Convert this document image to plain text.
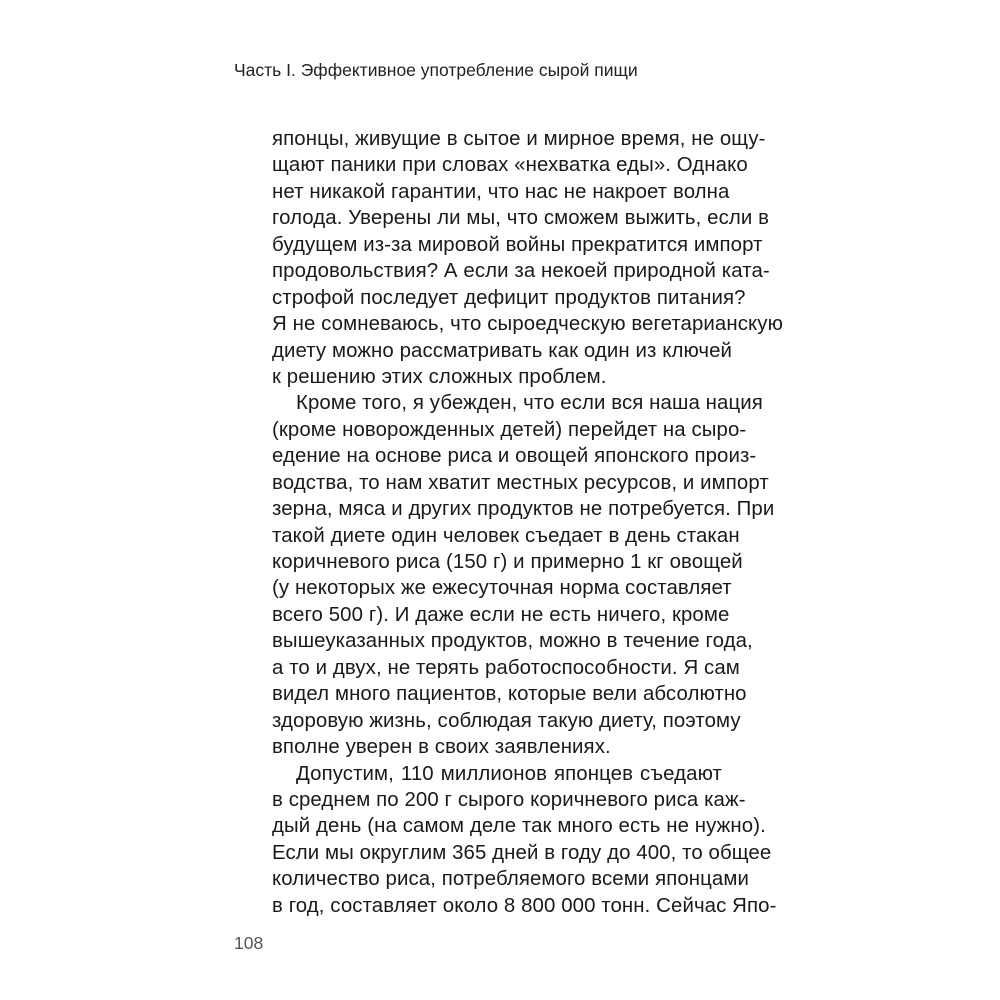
Часть I. Эффективное употребление сырой пищи
японцы, живущие в сытое и мирное время, не ощу-
щают паники при словах «нехватка еды». Однако
нет никакой гарантии, что нас не накроет волна
голода. Уверены ли мы, что сможем выжить, если в
будущем из-за мировой войны прекратится импорт
продовольствия? А если за некоей природной ката-
строфой последует дефицит продуктов питания?
Я не сомневаюсь, что сыроедческую вегетарианскую
диету можно рассматривать как один из ключей
к решению этих сложных проблем.
Кроме того, я убежден, что если вся наша нация
(кроме новорожденных детей) перейдет на сыро-
едение на основе риса и овощей японского произ-
водства, то нам хватит местных ресурсов, и импорт
зерна, мяса и других продуктов не потребуется. При
такой диете один человек съедает в день стакан
коричневого риса (150 г) и примерно 1 кг овощей
(у некоторых же ежесуточная норма составляет
всего 500 г). И даже если не есть ничего, кроме
вышеуказанных продуктов, можно в течение года,
а то и двух, не терять работоспособности. Я сам
видел много пациентов, которые вели абсолютно
здоровую жизнь, соблюдая такую диету, поэтому
вполне уверен в своих заявлениях.
Допустим, 110 миллионов японцев съедают
в среднем по 200 г сырого коричневого риса каж-
дый день (на самом деле так много есть не нужно).
Если мы округлим 365 дней в году до 400, то общее
количество риса, потребляемого всеми японцами
в год, составляет около 8 800 000 тонн. Сейчас Япо-
108
